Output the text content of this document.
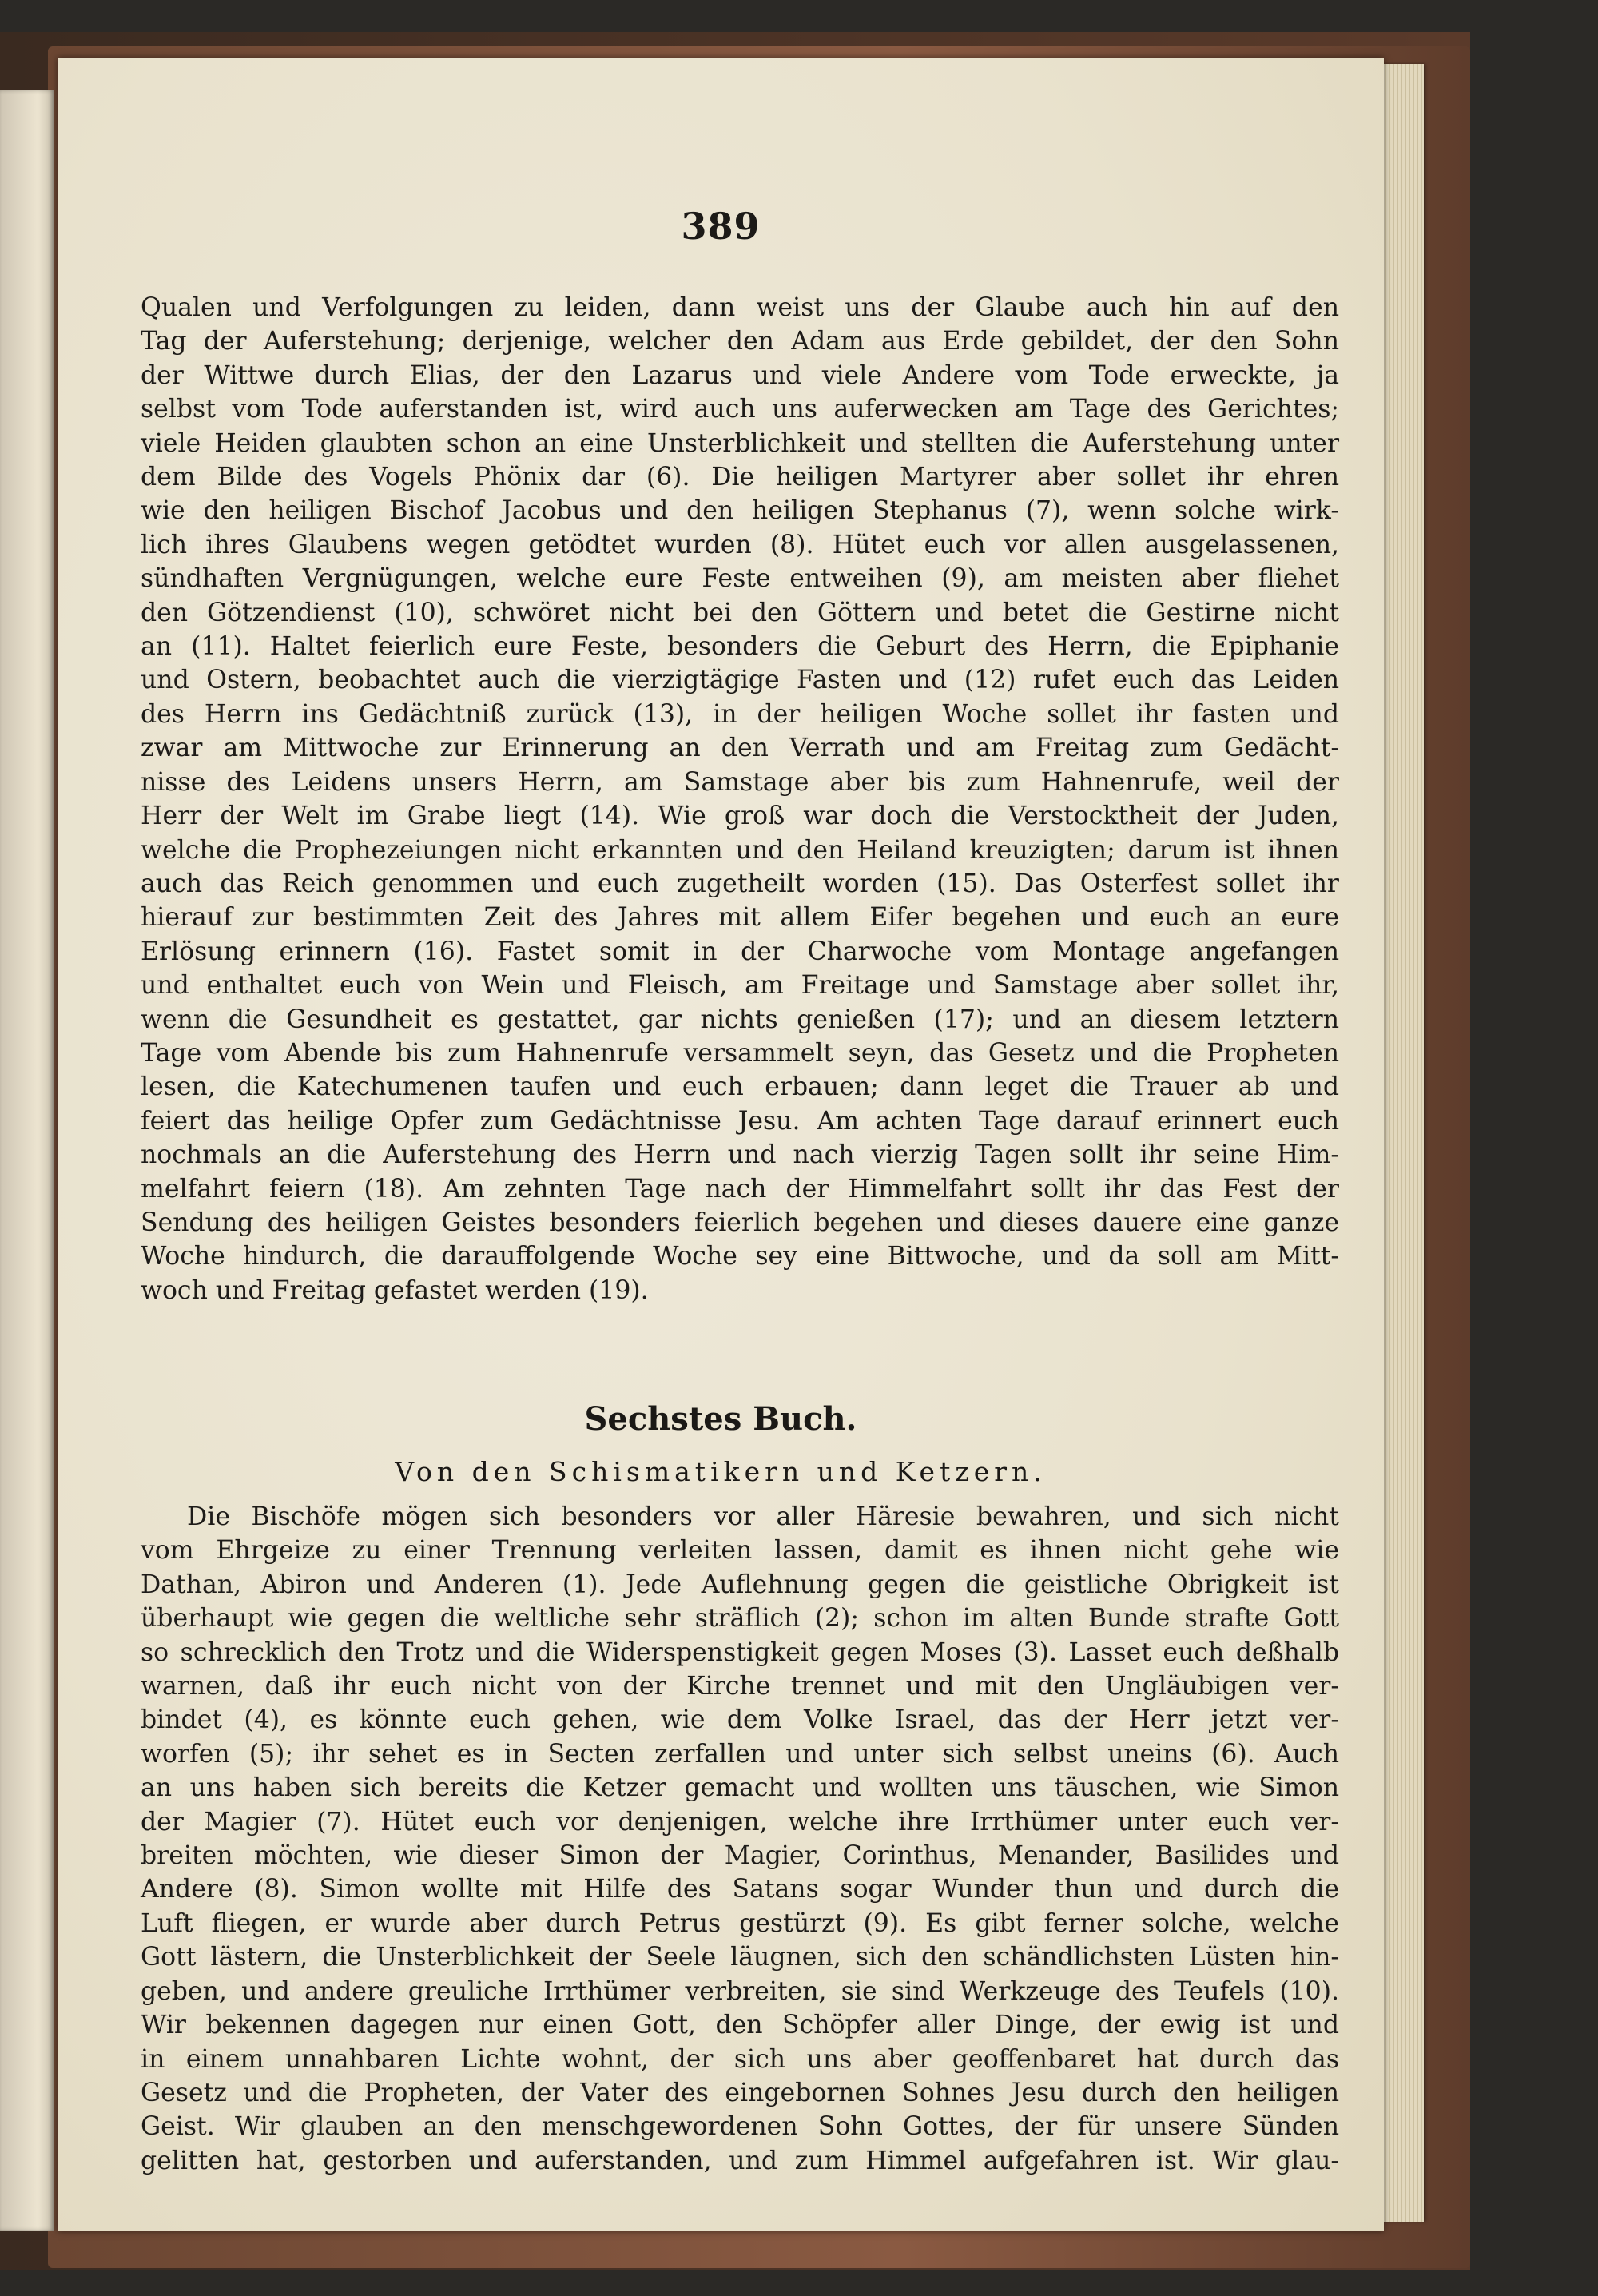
389
Qualen und Verfolgungen zu leiden, dann weist uns der Glaube auch hin auf den
Tag der Auferstehung; derjenige, welcher den Adam aus Erde gebildet, der den Sohn
der Wittwe durch Elias, der den Lazarus und viele Andere vom Tode erweckte, ja
selbst vom Tode auferstanden ist, wird auch uns auferwecken am Tage des Gerichtes;
viele Heiden glaubten schon an eine Unsterblichkeit und stellten die Auferstehung unter
dem Bilde des Vogels Phönix dar (6). Die heiligen Martyrer aber sollet ihr ehren
wie den heiligen Bischof Jacobus und den heiligen Stephanus (7), wenn solche wirk-
lich ihres Glaubens wegen getödtet wurden (8). Hütet euch vor allen ausgelassenen,
sündhaften Vergnügungen, welche eure Feste entweihen (9), am meisten aber fliehet
den Götzendienst (10), schwöret nicht bei den Göttern und betet die Gestirne nicht
an (11). Haltet feierlich eure Feste, besonders die Geburt des Herrn, die Epiphanie
und Ostern, beobachtet auch die vierzigtägige Fasten und (12) rufet euch das Leiden
des Herrn ins Gedächtniß zurück (13), in der heiligen Woche sollet ihr fasten und
zwar am Mittwoche zur Erinnerung an den Verrath und am Freitag zum Gedächt-
nisse des Leidens unsers Herrn, am Samstage aber bis zum Hahnenrufe, weil der
Herr der Welt im Grabe liegt (14). Wie groß war doch die Verstocktheit der Juden,
welche die Prophezeiungen nicht erkannten und den Heiland kreuzigten; darum ist ihnen
auch das Reich genommen und euch zugetheilt worden (15). Das Osterfest sollet ihr
hierauf zur bestimmten Zeit des Jahres mit allem Eifer begehen und euch an eure
Erlösung erinnern (16). Fastet somit in der Charwoche vom Montage angefangen
und enthaltet euch von Wein und Fleisch, am Freitage und Samstage aber sollet ihr,
wenn die Gesundheit es gestattet, gar nichts genießen (17); und an diesem letztern
Tage vom Abende bis zum Hahnenrufe versammelt seyn, das Gesetz und die Propheten
lesen, die Katechumenen taufen und euch erbauen; dann leget die Trauer ab und
feiert das heilige Opfer zum Gedächtnisse Jesu. Am achten Tage darauf erinnert euch
nochmals an die Auferstehung des Herrn und nach vierzig Tagen sollt ihr seine Him-
melfahrt feiern (18). Am zehnten Tage nach der Himmelfahrt sollt ihr das Fest der
Sendung des heiligen Geistes besonders feierlich begehen und dieses dauere eine ganze
Woche hindurch, die darauffolgende Woche sey eine Bittwoche, und da soll am Mitt-
woch und Freitag gefastet werden (19).
Sechstes Buch.
Von den Schismatikern und Ketzern.
Die Bischöfe mögen sich besonders vor aller Häresie bewahren, und sich nicht
vom Ehrgeize zu einer Trennung verleiten lassen, damit es ihnen nicht gehe wie
Dathan, Abiron und Anderen (1). Jede Auflehnung gegen die geistliche Obrigkeit ist
überhaupt wie gegen die weltliche sehr sträflich (2); schon im alten Bunde strafte Gott
so schrecklich den Trotz und die Widerspenstigkeit gegen Moses (3). Lasset euch deßhalb
warnen, daß ihr euch nicht von der Kirche trennet und mit den Ungläubigen ver-
bindet (4), es könnte euch gehen, wie dem Volke Israel, das der Herr jetzt ver-
worfen (5); ihr sehet es in Secten zerfallen und unter sich selbst uneins (6). Auch
an uns haben sich bereits die Ketzer gemacht und wollten uns täuschen, wie Simon
der Magier (7). Hütet euch vor denjenigen, welche ihre Irrthümer unter euch ver-
breiten möchten, wie dieser Simon der Magier, Corinthus, Menander, Basilides und
Andere (8). Simon wollte mit Hilfe des Satans sogar Wunder thun und durch die
Luft fliegen, er wurde aber durch Petrus gestürzt (9). Es gibt ferner solche, welche
Gott lästern, die Unsterblichkeit der Seele läugnen, sich den schändlichsten Lüsten hin-
geben, und andere greuliche Irrthümer verbreiten, sie sind Werkzeuge des Teufels (10).
Wir bekennen dagegen nur einen Gott, den Schöpfer aller Dinge, der ewig ist und
in einem unnahbaren Lichte wohnt, der sich uns aber geoffenbaret hat durch das
Gesetz und die Propheten, der Vater des eingebornen Sohnes Jesu durch den heiligen
Geist. Wir glauben an den menschgewordenen Sohn Gottes, der für unsere Sünden
gelitten hat, gestorben und auferstanden, und zum Himmel aufgefahren ist. Wir glau-
